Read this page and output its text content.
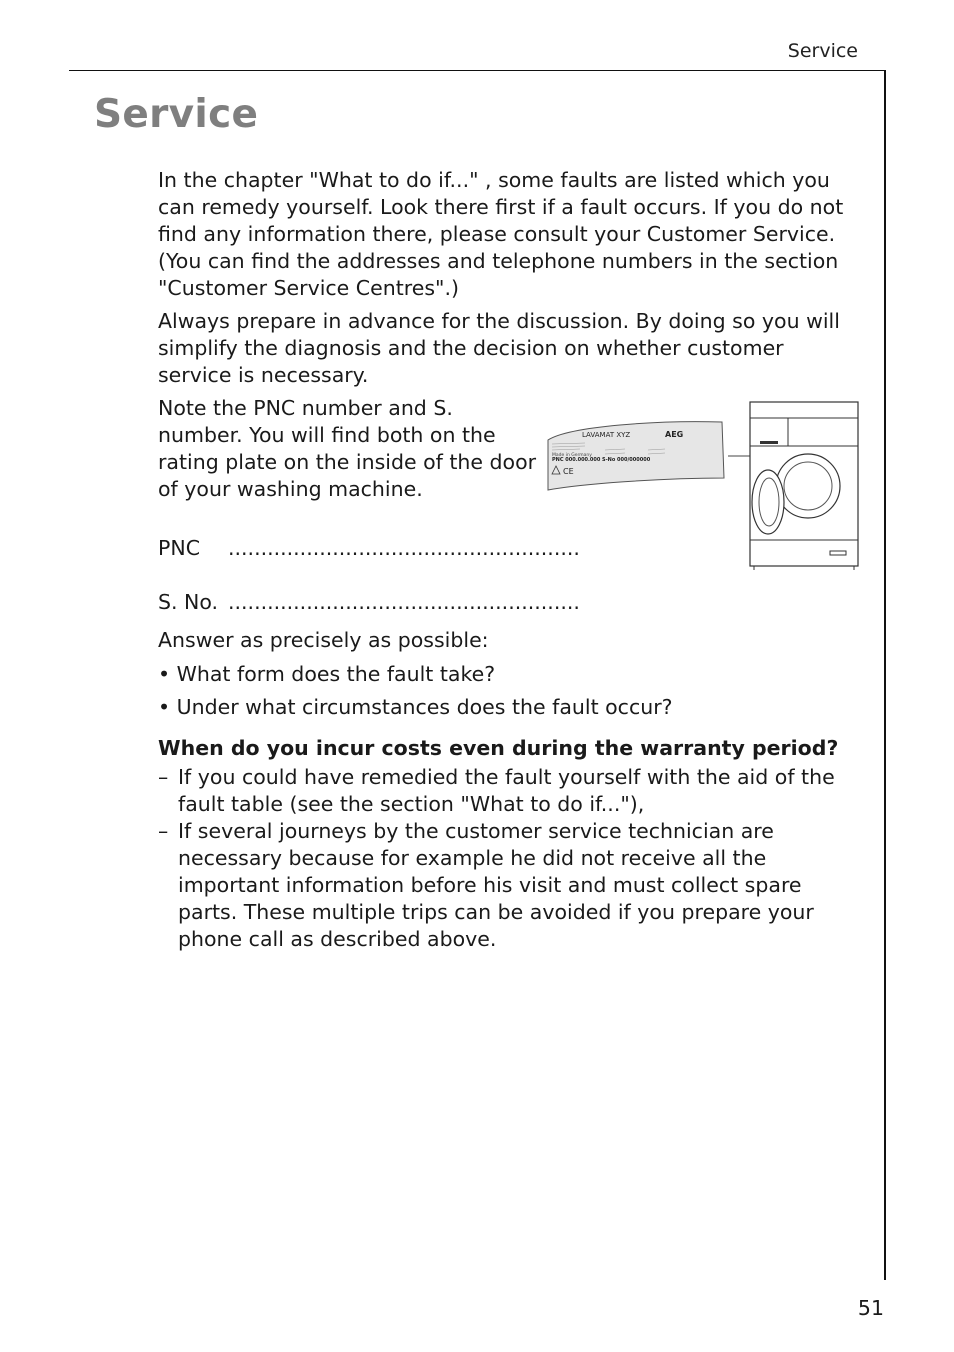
Service
Service
In the chapter "What to do if..." , some faults are listed which you can remedy yourself. Look there first if a fault occurs. If you do not find any information there, please consult your Customer Service. (You can find the addresses and telephone numbers in the section "Customer Service Centres".)
Always prepare in advance for the discussion. By doing so you will simplify the diagnosis and the decision on whether customer service is necessary.
Note the PNC number and S. number. You will find both on the rating plate on the inside of the door of your washing machine.
PNC ......................................................
S. No. ......................................................
LAVAMAT XYZ	AEG
Made in Germany
PNC 000.000.000 S-No 000/000000
CE
Answer as precisely as possible:
• What form does the fault take?
• Under what circumstances does the fault occur?
When do you incur costs even during the warranty period?
– If you could have remedied the fault yourself with the aid of the fault table (see the section "What to do if..."),
– If several journeys by the customer service technician are necessary because for example he did not receive all the important information before his visit and must collect spare parts. These multiple trips can be avoided if you prepare your phone call as described above.
51
